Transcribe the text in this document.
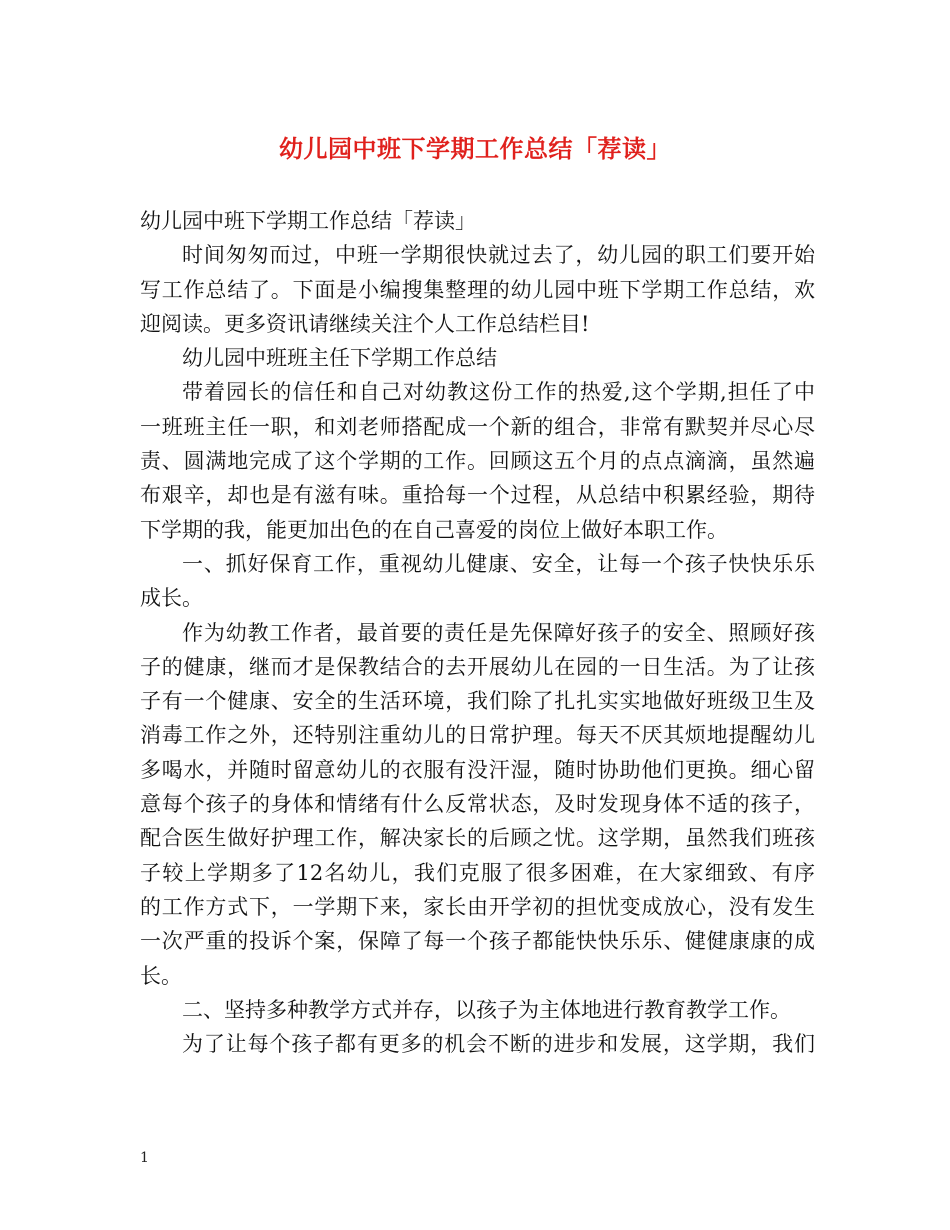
幼儿园中班下学期工作总结「荐读」
幼儿园中班下学期工作总结「荐读」
时间匆匆而过，中班一学期很快就过去了，幼儿园的职工们要开始
写工作总结了。下面是小编搜集整理的幼儿园中班下学期工作总结，欢
迎阅读。更多资讯请继续关注个人工作总结栏目!
幼儿园中班班主任下学期工作总结
带着园长的信任和自己对幼教这份工作的热爱,这个学期,担任了中
一班班主任一职，和刘老师搭配成一个新的组合，非常有默契并尽心尽
责、圆满地完成了这个学期的工作。回顾这五个月的点点滴滴，虽然遍
布艰辛，却也是有滋有味。重拾每一个过程，从总结中积累经验，期待
下学期的我，能更加出色的在自己喜爱的岗位上做好本职工作。
一、抓好保育工作，重视幼儿健康、安全，让每一个孩子快快乐乐
成长。
作为幼教工作者，最首要的责任是先保障好孩子的安全、照顾好孩
子的健康，继而才是保教结合的去开展幼儿在园的一日生活。为了让孩
子有一个健康、安全的生活环境，我们除了扎扎实实地做好班级卫生及
消毒工作之外，还特别注重幼儿的日常护理。每天不厌其烦地提醒幼儿
多喝水，并随时留意幼儿的衣服有没汗湿，随时协助他们更换。细心留
意每个孩子的身体和情绪有什么反常状态，及时发现身体不适的孩子，
配合医生做好护理工作，解决家长的后顾之忧。这学期，虽然我们班孩
子较上学期多了12名幼儿，我们克服了很多困难，在大家细致、有序
的工作方式下，一学期下来，家长由开学初的担忧变成放心，没有发生
一次严重的投诉个案，保障了每一个孩子都能快快乐乐、健健康康的成
长。
二、坚持多种教学方式并存，以孩子为主体地进行教育教学工作。
为了让每个孩子都有更多的机会不断的进步和发展，这学期，我们
1
